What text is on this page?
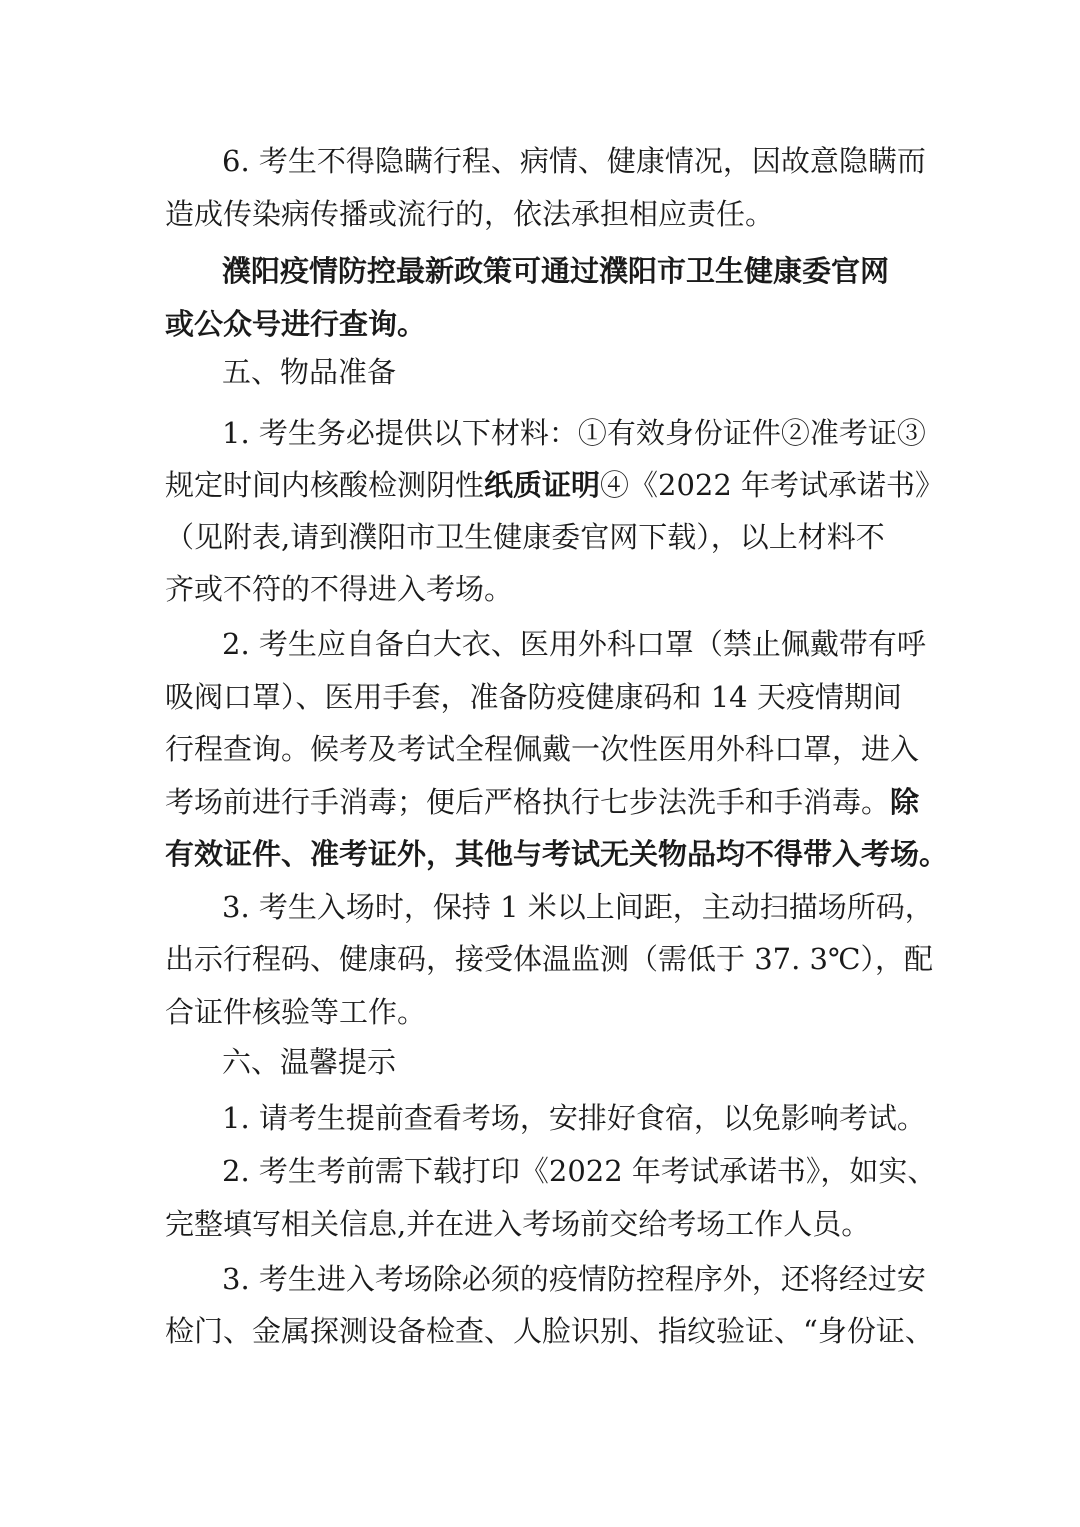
6. 考生不得隐瞒行程、病情、健康情况，因故意隐瞒而
造成传染病传播或流行的，依法承担相应责任。
濮阳疫情防控最新政策可通过濮阳市卫生健康委官网
或公众号进行查询。
五、物品准备
1. 考生务必提供以下材料：①有效身份证件②准考证③
规定时间内核酸检测阴性纸质证明④《2022 年考试承诺书》
（见附表,请到濮阳市卫生健康委官网下载），以上材料不
齐或不符的不得进入考场。
2. 考生应自备白大衣、医用外科口罩（禁止佩戴带有呼
吸阀口罩）、医用手套，准备防疫健康码和 14 天疫情期间
行程查询。候考及考试全程佩戴一次性医用外科口罩，进入
考场前进行手消毒；便后严格执行七步法洗手和手消毒。除
有效证件、准考证外，其他与考试无关物品均不得带入考场。
3. 考生入场时，保持 1 米以上间距，主动扫描场所码，
出示行程码、健康码，接受体温监测（需低于 37. 3℃），配
合证件核验等工作。
六、温馨提示
1. 请考生提前查看考场，安排好食宿，以免影响考试。
2. 考生考前需下载打印《2022 年考试承诺书》，如实、
完整填写相关信息,并在进入考场前交给考场工作人员。
3. 考生进入考场除必须的疫情防控程序外，还将经过安
检门、金属探测设备检查、人脸识别、指纹验证、“身份证、
